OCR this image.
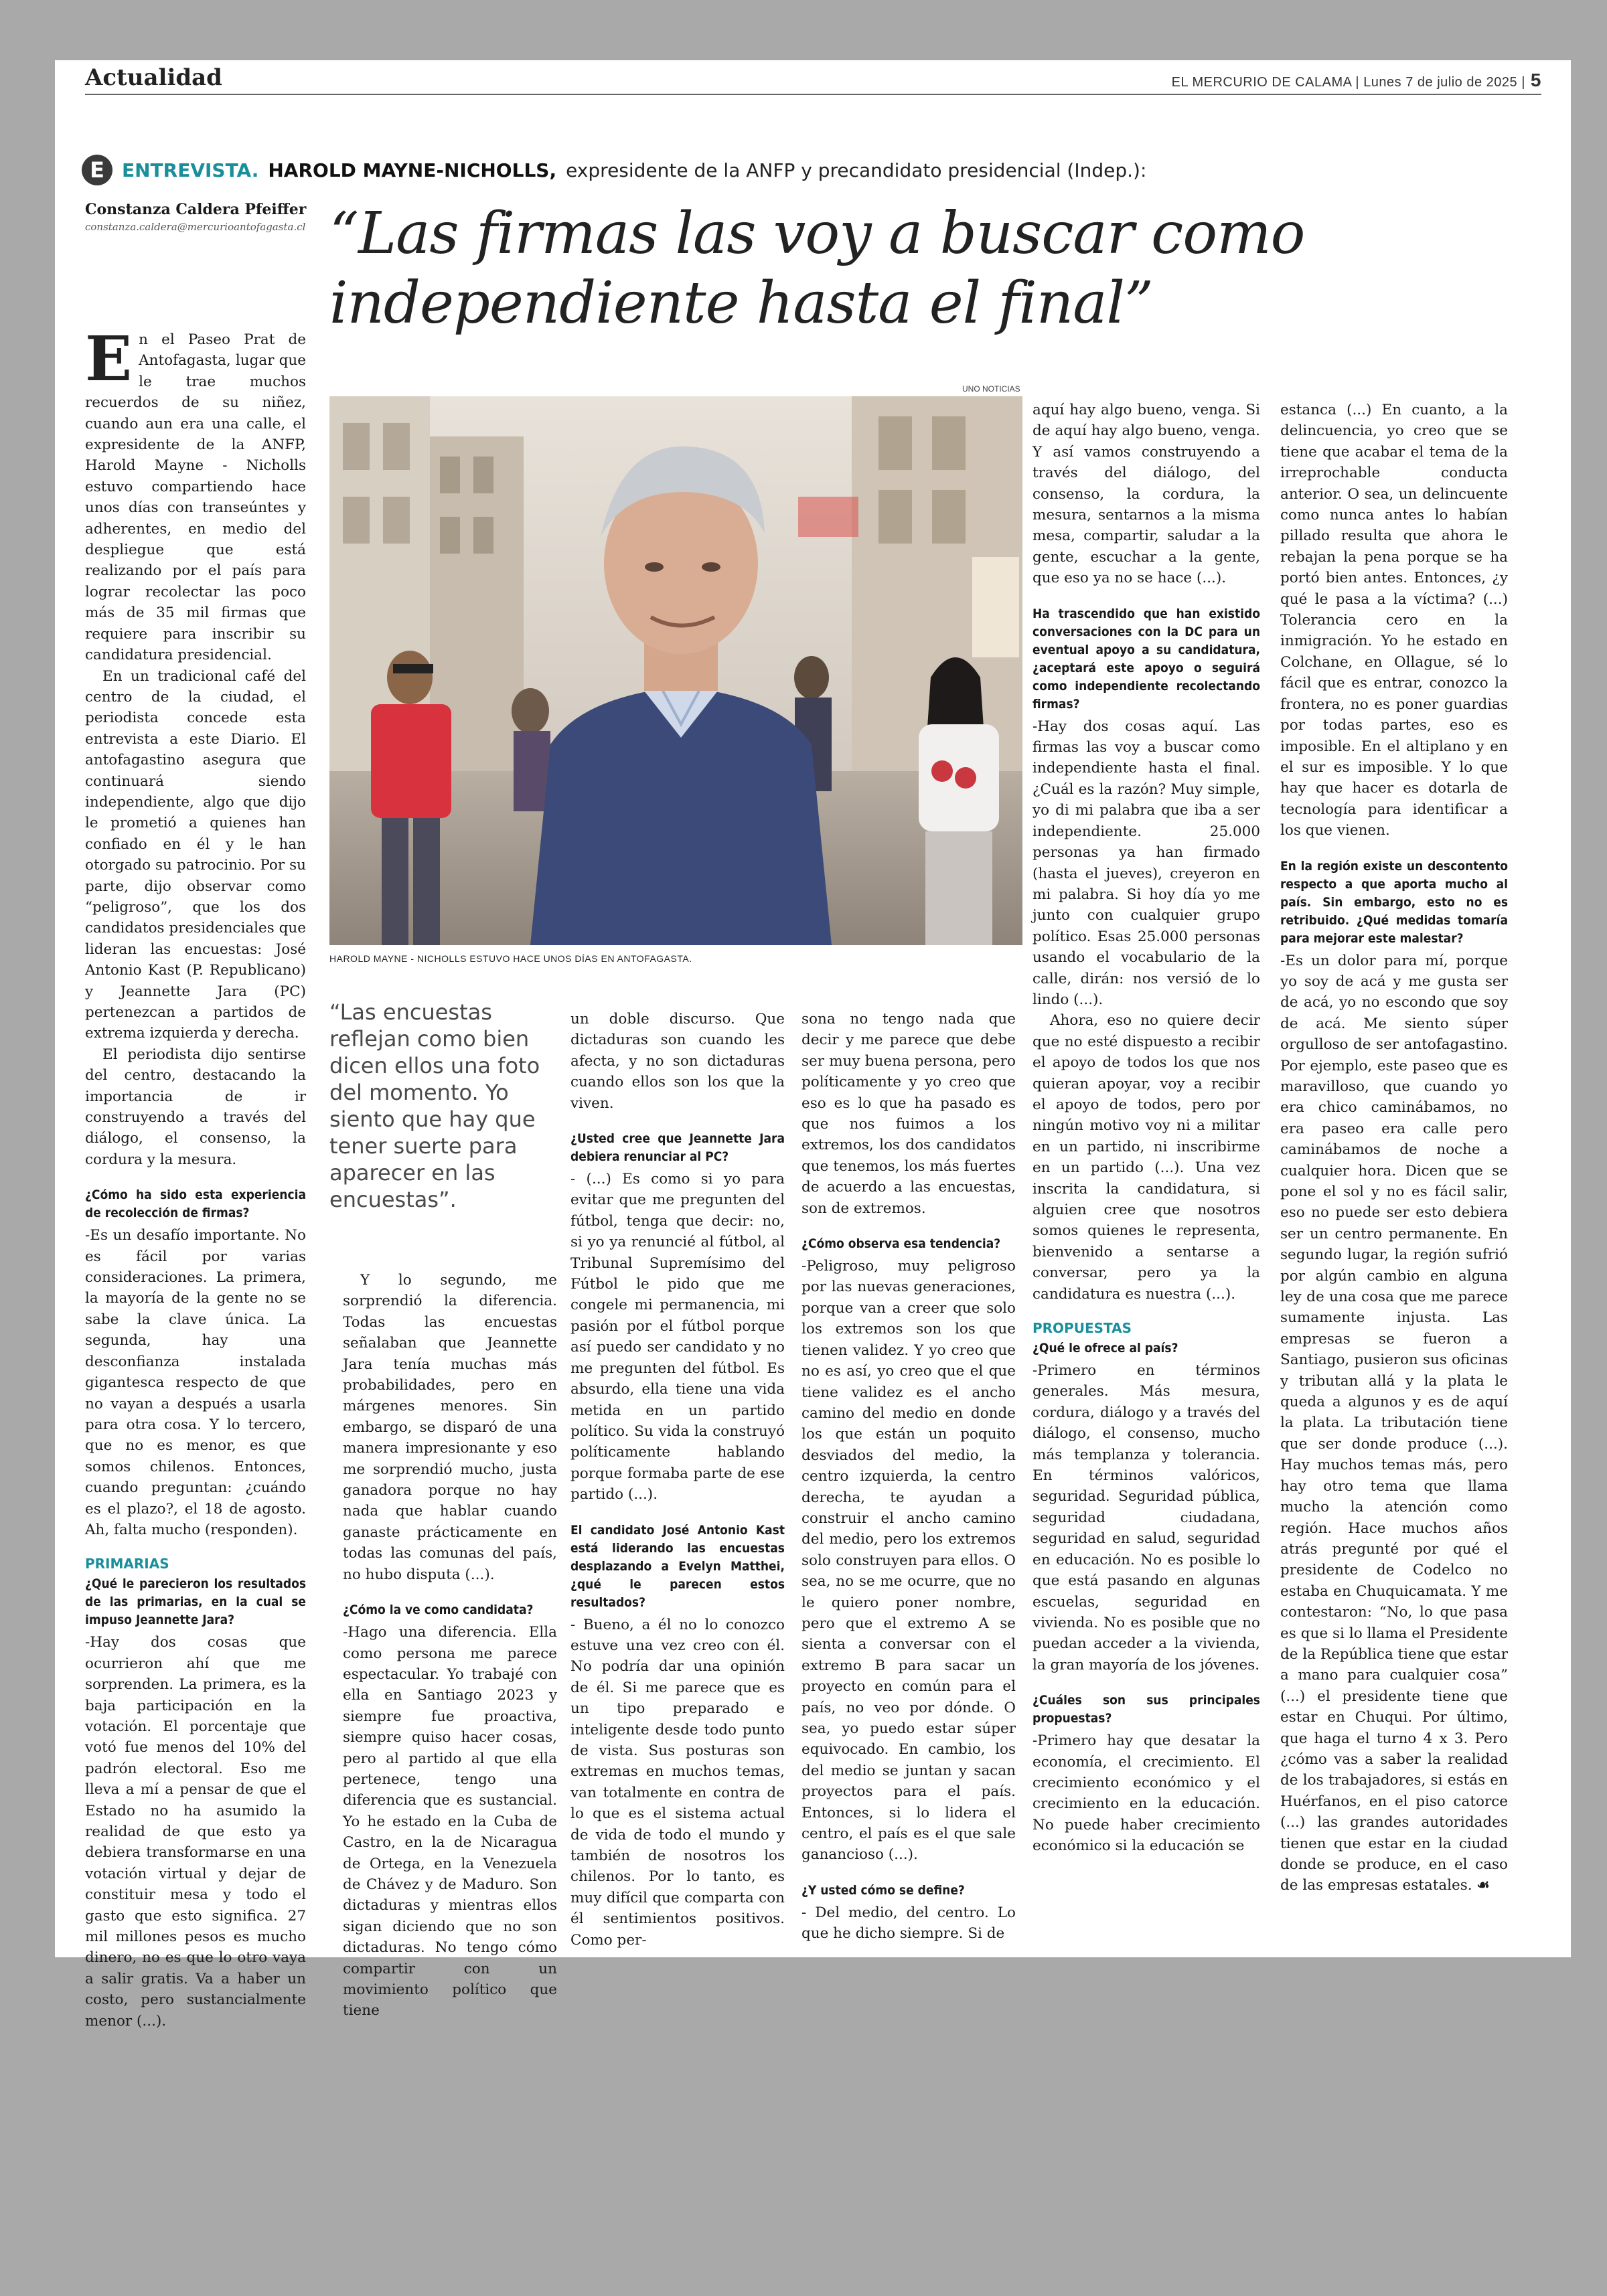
Actualidad	EL MERCURIO DE CALAMA | Lunes 7 de julio de 2025 | 5
E ENTREVISTA. HAROLD MAYNE-NICHOLLS, expresidente de la ANFP y precandidato presidencial (Indep.):
Constanza Caldera Pfeiffer
constanza.caldera@mercurioantofagasta.cl “Las firmas las voy a buscar como independiente hasta el final”
UNO NOTICIAS
HAROLD MAYNE - NICHOLLS ESTUVO HACE UNOS DÍAS EN ANTOFAGASTA.

En el Paseo Prat de Antofagasta, lugar que le trae muchos recuerdos de su niñez, cuando aun era una calle, el expresidente de la ANFP, Harold Mayne - Nicholls estuvo compartiendo hace unos días con transeúntes y adherentes, en medio del despliegue que está realizando por el país para lograr recolectar las poco más de 35 mil firmas que requiere para inscribir su candidatura presidencial.

En un tradicional café del centro de la ciudad, el periodista concede esta entrevista a este Diario. El antofagastino asegura que continuará siendo independiente, algo que dijo le prometió a quienes han confiado en él y le han otorgado su patrocinio. Por su parte, dijo observar como “peligroso”, que los dos candidatos presidenciales que lideran las encuestas: José Antonio Kast (P. Republicano) y Jeannette Jara (PC) pertenezcan a partidos de extrema izquierda y derecha.

El periodista dijo sentirse del centro, destacando la importancia de ir construyendo a través del diálogo, el consenso, la cordura y la mesura.

¿Cómo ha sido esta experiencia de recolección de firmas?

-Es un desafío importante. No es fácil por varias consideraciones. La primera, la mayoría de la gente no se sabe la clave única. La segunda, hay una desconfianza instalada gigantesca respecto de que no vayan a después a usarla para otra cosa. Y lo tercero, que no es menor, es que somos chilenos. Entonces, cuando preguntan: ¿cuándo es el plazo?, el 18 de agosto. Ah, falta mucho (responden).

PRIMARIAS
¿Qué le parecieron los resultados de las primarias, en la cual se impuso Jeannette Jara?

-Hay dos cosas que ocurrieron ahí que me sorprenden. La primera, es la baja participación en la votación. El porcentaje que votó fue menos del 10% del padrón electoral. Eso me lleva a mí a pensar de que el Estado no ha asumido la realidad de que esto ya debiera transformarse en una votación virtual y dejar de constituir mesa y todo el gasto que esto significa. 27 mil millones pesos es mucho dinero, no es que lo otro vaya a salir gratis. Va a haber un costo, pero sustancialmente menor (...).

“Las encuestas reflejan como bien dicen ellos una foto del momento. Yo siento que hay que tener suerte para aparecer en las encuestas”.

Y lo segundo, me sorprendió la diferencia. Todas las encuestas señalaban que Jeannette Jara tenía muchas más probabilidades, pero en márgenes menores. Sin embargo, se disparó de una manera impresionante y eso me sorprendió mucho, justa ganadora porque no hay nada que hablar cuando ganaste prácticamente en todas las comunas del país, no hubo disputa (...).

¿Cómo la ve como candidata?

-Hago una diferencia. Ella como persona me parece espectacular. Yo trabajé con ella en Santiago 2023 y siempre fue proactiva, siempre quiso hacer cosas, pero al partido al que ella pertenece, tengo una diferencia que es sustancial. Yo he estado en la Cuba de Castro, en la de Nicaragua de Ortega, en la Venezuela de Chávez y de Maduro. Son dictaduras y mientras ellos sigan diciendo que no son dictaduras. No tengo cómo compartir con un movimiento político que tiene

un doble discurso. Que dictaduras son cuando les afecta, y no son dictaduras cuando ellos son los que la viven.

¿Usted cree que Jeannette Jara debiera renunciar al PC?

- (...) Es como si yo para evitar que me pregunten del fútbol, tenga que decir: no, si yo ya renuncié al fútbol, al Tribunal Supremísimo del Fútbol le pido que me congele mi permanencia, mi pasión por el fútbol porque así puedo ser candidato y no me pregunten del fútbol. Es absurdo, ella tiene una vida metida en un partido político. Su vida la construyó políticamente hablando porque formaba parte de ese partido (...).

El candidato José Antonio Kast está liderando las encuestas desplazando a Evelyn Matthei, ¿qué le parecen estos resultados?

- Bueno, a él no lo conozco estuve una vez creo con él. No podría dar una opinión de él. Si me parece que es un tipo preparado e inteligente desde todo punto de vista. Sus posturas son extremas en muchos temas, van totalmente en contra de lo que es el sistema actual de vida de todo el mundo y también de nosotros los chilenos. Por lo tanto, es muy difícil que comparta con él sentimientos positivos. Como per-

sona no tengo nada que decir y me parece que debe ser muy buena persona, pero políticamente y yo creo que eso es lo que ha pasado es que nos fuimos a los extremos, los dos candidatos que tenemos, los más fuertes de acuerdo a las encuestas, son de extremos.

¿Cómo observa esa tendencia?

-Peligroso, muy peligroso por las nuevas generaciones, porque van a creer que solo los extremos son los que tienen validez. Y yo creo que no es así, yo creo que el que tiene validez es el ancho camino del medio en donde los que están un poquito desviados del medio, la centro izquierda, la centro derecha, te ayudan a construir el ancho camino del medio, pero los extremos solo construyen para ellos. O sea, no se me ocurre, que no le quiero poner nombre, pero que el extremo A se sienta a conversar con el extremo B para sacar un proyecto en común para el país, no veo por dónde. O sea, yo puedo estar súper equivocado. En cambio, los del medio se juntan y sacan proyectos para el país. Entonces, si lo lidera el centro, el país es el que sale ganancioso (...).

¿Y usted cómo se define?

- Del medio, del centro. Lo que he dicho siempre. Si de

aquí hay algo bueno, venga. Si de aquí hay algo bueno, venga. Y así vamos construyendo a través del diálogo, del consenso, la cordura, la mesura, sentarnos a la misma mesa, compartir, saludar a la gente, escuchar a la gente, que eso ya no se hace (...).

Ha trascendido que han existido conversaciones con la DC para un eventual apoyo a su candidatura, ¿aceptará este apoyo o seguirá como independiente recolectando firmas?

-Hay dos cosas aquí. Las firmas las voy a buscar como independiente hasta el final. ¿Cuál es la razón? Muy simple, yo di mi palabra que iba a ser independiente. 25.000 personas ya han firmado (hasta el jueves), creyeron en mi palabra. Si hoy día yo me junto con cualquier grupo político. Esas 25.000 personas usando el vocabulario de la calle, dirán: nos versió de lo lindo (...).

Ahora, eso no quiere decir que no esté dispuesto a recibir el apoyo de todos los que nos quieran apoyar, voy a recibir el apoyo de todos, pero por ningún motivo voy ni a militar en un partido, ni inscribirme en un partido (...). Una vez inscrita la candidatura, si alguien cree que nosotros somos quienes le representa, bienvenido a sentarse a conversar, pero ya la candidatura es nuestra (...).

PROPUESTAS
¿Qué le ofrece al país?

-Primero en términos generales. Más mesura, cordura, diálogo y a través del diálogo, el consenso, mucho más templanza y tolerancia. En términos valóricos, seguridad. Seguridad pública, seguridad ciudadana, seguridad en salud, seguridad en educación. No es posible lo que está pasando en algunas escuelas, seguridad en vivienda. No es posible que no puedan acceder a la vivienda, la gran mayoría de los jóvenes.

¿Cuáles son sus principales propuestas?

-Primero hay que desatar la economía, el crecimiento. El crecimiento económico y el crecimiento en la educación. No puede haber crecimiento económico si la educación se

estanca (...) En cuanto, a la delincuencia, yo creo que se tiene que acabar el tema de la irreprochable conducta anterior. O sea, un delincuente como nunca antes lo habían pillado resulta que ahora le rebajan la pena porque se ha portó bien antes. Entonces, ¿y qué le pasa a la víctima? (...) Tolerancia cero en la inmigración. Yo he estado en Colchane, en Ollague, sé lo fácil que es entrar, conozco la frontera, no es poner guardias por todas partes, eso es imposible. En el altiplano y en el sur es imposible. Y lo que hay que hacer es dotarla de tecnología para identificar a los que vienen.

En la región existe un descontento respecto a que aporta mucho al país. Sin embargo, esto no es retribuido. ¿Qué medidas tomaría para mejorar este malestar?

-Es un dolor para mí, porque yo soy de acá y me gusta ser de acá, yo no escondo que soy de acá. Me siento súper orgulloso de ser antofagastino. Por ejemplo, este paseo que es maravilloso, que cuando yo era chico caminábamos, no era paseo era calle pero caminábamos de noche a cualquier hora. Dicen que se pone el sol y no es fácil salir, eso no puede ser esto debiera ser un centro permanente. En segundo lugar, la región sufrió por algún cambio en alguna ley de una cosa que me parece sumamente injusta. Las empresas se fueron a Santiago, pusieron sus oficinas y tributan allá y la plata le queda a algunos y es de aquí la plata. La tributación tiene que ser donde produce (...). Hay muchos temas más, pero hay otro tema que llama mucho la atención como región. Hace muchos años atrás pregunté por qué el presidente de Codelco no estaba en Chuquicamata. Y me contestaron: “No, lo que pasa es que si lo llama el Presidente de la República tiene que estar a mano para cualquier cosa” (...) el presidente tiene que estar en Chuqui. Por último, que haga el turno 4 x 3. Pero ¿cómo vas a saber la realidad de los trabajadores, si estás en Huérfanos, en el piso catorce (...) las grandes autoridades tienen que estar en la ciudad donde se produce, en el caso de las empresas estatales. ☙
